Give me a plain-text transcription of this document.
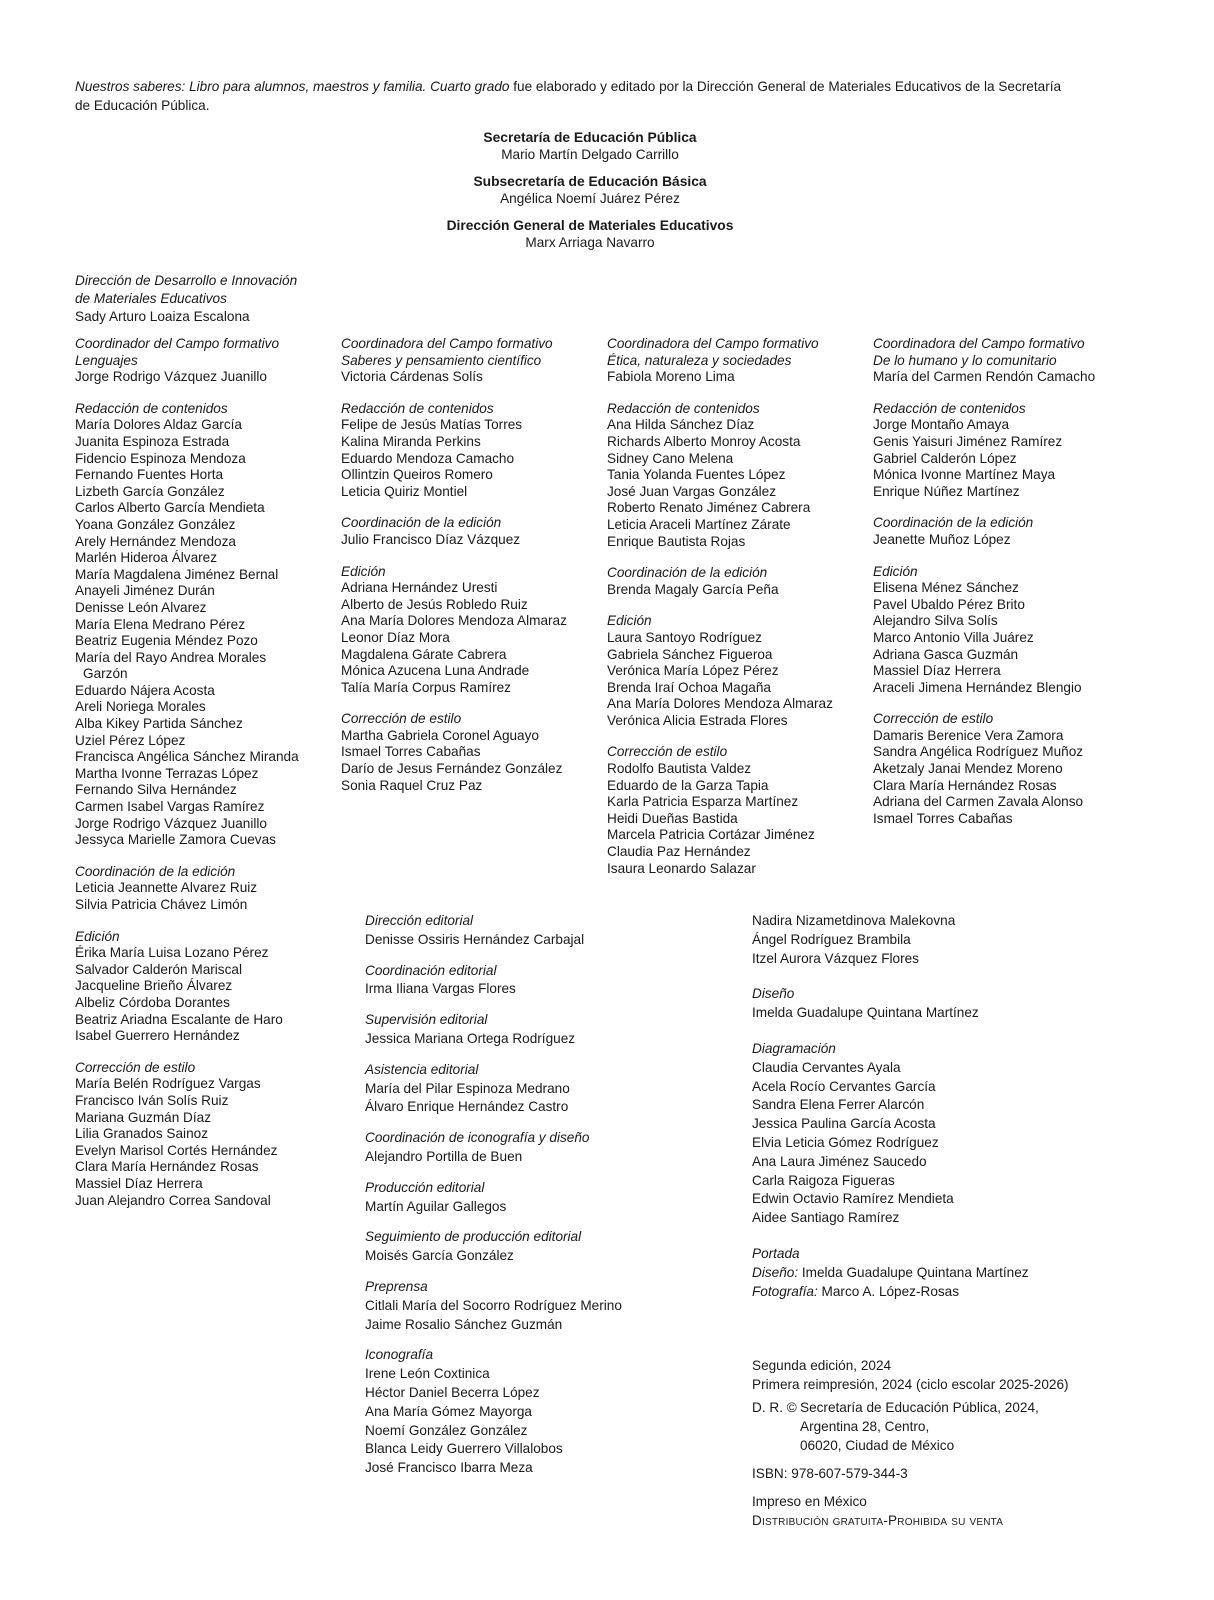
Nuestros saberes: Libro para alumnos, maestros y familia. Cuarto grado fue elaborado y editado por la Dirección General de Materiales Educativos de la Secretaría
de Educación Pública.
Secretaría de Educación Pública
Mario Martín Delgado Carrillo
Subsecretaría de Educación Básica
Angélica Noemí Juárez Pérez
Dirección General de Materiales Educativos
Marx Arriaga Navarro
Dirección de Desarrollo e Innovación
de Materiales Educativos
Sady Arturo Loaiza Escalona
Coordinador del Campo formativo
Lenguajes
Jorge Rodrigo Vázquez Juanillo
Redacción de contenidos
María Dolores Aldaz García
Juanita Espinoza Estrada
Fidencio Espinoza Mendoza
Fernando Fuentes Horta
Lizbeth García González
Carlos Alberto García Mendieta
Yoana González González
Arely Hernández Mendoza
Marlén Hideroa Álvarez
María Magdalena Jiménez Bernal
Anayeli Jiménez Durán
Denisse León Alvarez
María Elena Medrano Pérez
Beatriz Eugenia Méndez Pozo
María del Rayo Andrea Morales
Garzón
Eduardo Nájera Acosta
Areli Noriega Morales
Alba Kikey Partida Sánchez
Uziel Pérez López
Francisca Angélica Sánchez Miranda
Martha Ivonne Terrazas López
Fernando Silva Hernández
Carmen Isabel Vargas Ramírez
Jorge Rodrigo Vázquez Juanillo
Jessyca Marielle Zamora Cuevas
Coordinación de la edición
Leticia Jeannette Alvarez Ruiz
Silvia Patricia Chávez Limón
Edición
Érika María Luisa Lozano Pérez
Salvador Calderón Mariscal
Jacqueline Brieño Álvarez
Albeliz Córdoba Dorantes
Beatriz Ariadna Escalante de Haro
Isabel Guerrero Hernández
Corrección de estilo
María Belén Rodríguez Vargas
Francisco Iván Solís Ruiz
Mariana Guzmán Díaz
Lilia Granados Sainoz
Evelyn Marisol Cortés Hernández
Clara María Hernández Rosas
Massiel Díaz Herrera
Juan Alejandro Correa Sandoval
Coordinadora del Campo formativo
Saberes y pensamiento científico
Victoria Cárdenas Solís
Redacción de contenidos
Felipe de Jesús Matías Torres
Kalina Miranda Perkins
Eduardo Mendoza Camacho
Ollintzin Queiros Romero
Leticia Quiriz Montiel
Coordinación de la edición
Julio Francisco Díaz Vázquez
Edición
Adriana Hernández Uresti
Alberto de Jesús Robledo Ruiz
Ana María Dolores Mendoza Almaraz
Leonor Díaz Mora
Magdalena Gárate Cabrera
Mónica Azucena Luna Andrade
Talía María Corpus Ramírez
Corrección de estilo
Martha Gabriela Coronel Aguayo
Ismael Torres Cabañas
Darío de Jesus Fernández González
Sonia Raquel Cruz Paz
Coordinadora del Campo formativo
Ética, naturaleza y sociedades
Fabiola Moreno Lima
Redacción de contenidos
Ana Hilda Sánchez Díaz
Richards Alberto Monroy Acosta
Sidney Cano Melena
Tania Yolanda Fuentes López
José Juan Vargas González
Roberto Renato Jiménez Cabrera
Leticia Araceli Martínez Zárate
Enrique Bautista Rojas
Coordinación de la edición
Brenda Magaly García Peña
Edición
Laura Santoyo Rodríguez
Gabriela Sánchez Figueroa
Verónica María López Pérez
Brenda Iraí Ochoa Magaña
Ana María Dolores Mendoza Almaraz
Verónica Alicia Estrada Flores
Corrección de estilo
Rodolfo Bautista Valdez
Eduardo de la Garza Tapia
Karla Patricia Esparza Martínez
Heidi Dueñas Bastida
Marcela Patricia Cortázar Jiménez
Claudia Paz Hernández
Isaura Leonardo Salazar
Coordinadora del Campo formativo
De lo humano y lo comunitario
María del Carmen Rendón Camacho
Redacción de contenidos
Jorge Montaño Amaya
Genis Yaisuri Jiménez Ramírez
Gabriel Calderón López
Mónica Ivonne Martínez Maya
Enrique Núñez Martínez
Coordinación de la edición
Jeanette Muñoz López
Edición
Elisena Ménez Sánchez
Pavel Ubaldo Pérez Brito
Alejandro Silva Solís
Marco Antonio Villa Juárez
Adriana Gasca Guzmán
Massiel Díaz Herrera
Araceli Jimena Hernández Blengio
Corrección de estilo
Damaris Berenice Vera Zamora
Sandra Angélica Rodríguez Muñoz
Aketzaly Janai Mendez Moreno
Clara María Hernández Rosas
Adriana del Carmen Zavala Alonso
Ismael Torres Cabañas
Dirección editorial
Denisse Ossiris Hernández Carbajal
Coordinación editorial
Irma Iliana Vargas Flores
Supervisión editorial
Jessica Mariana Ortega Rodríguez
Asistencia editorial
María del Pilar Espinoza Medrano
Álvaro Enrique Hernández Castro
Coordinación de iconografía y diseño
Alejandro Portilla de Buen
Producción editorial
Martín Aguilar Gallegos
Seguimiento de producción editorial
Moisés García González
Preprensa
Citlali María del Socorro Rodríguez Merino
Jaime Rosalio Sánchez Guzmán
Iconografía
Irene León Coxtinica
Héctor Daniel Becerra López
Ana María Gómez Mayorga
Noemí González González
Blanca Leidy Guerrero Villalobos
José Francisco Ibarra Meza
Nadira Nizametdinova Malekovna
Ángel Rodríguez Brambila
Itzel Aurora Vázquez Flores
Diseño
Imelda Guadalupe Quintana Martínez
Diagramación
Claudia Cervantes Ayala
Acela Rocío Cervantes García
Sandra Elena Ferrer Alarcón
Jessica Paulina García Acosta
Elvia Leticia Gómez Rodríguez
Ana Laura Jiménez Saucedo
Carla Raigoza Figueras
Edwin Octavio Ramírez Mendieta
Aidee Santiago Ramírez
Portada
Diseño: Imelda Guadalupe Quintana Martínez
Fotografía: Marco A. López-Rosas
Segunda edición, 2024
Primera reimpresión, 2024 (ciclo escolar 2025-2026)
D. R. © Secretaría de Educación Pública, 2024,
Argentina 28, Centro,
06020, Ciudad de México
ISBN: 978-607-579-344-3
Impreso en México
Distribución gratuita-Prohibida su venta
